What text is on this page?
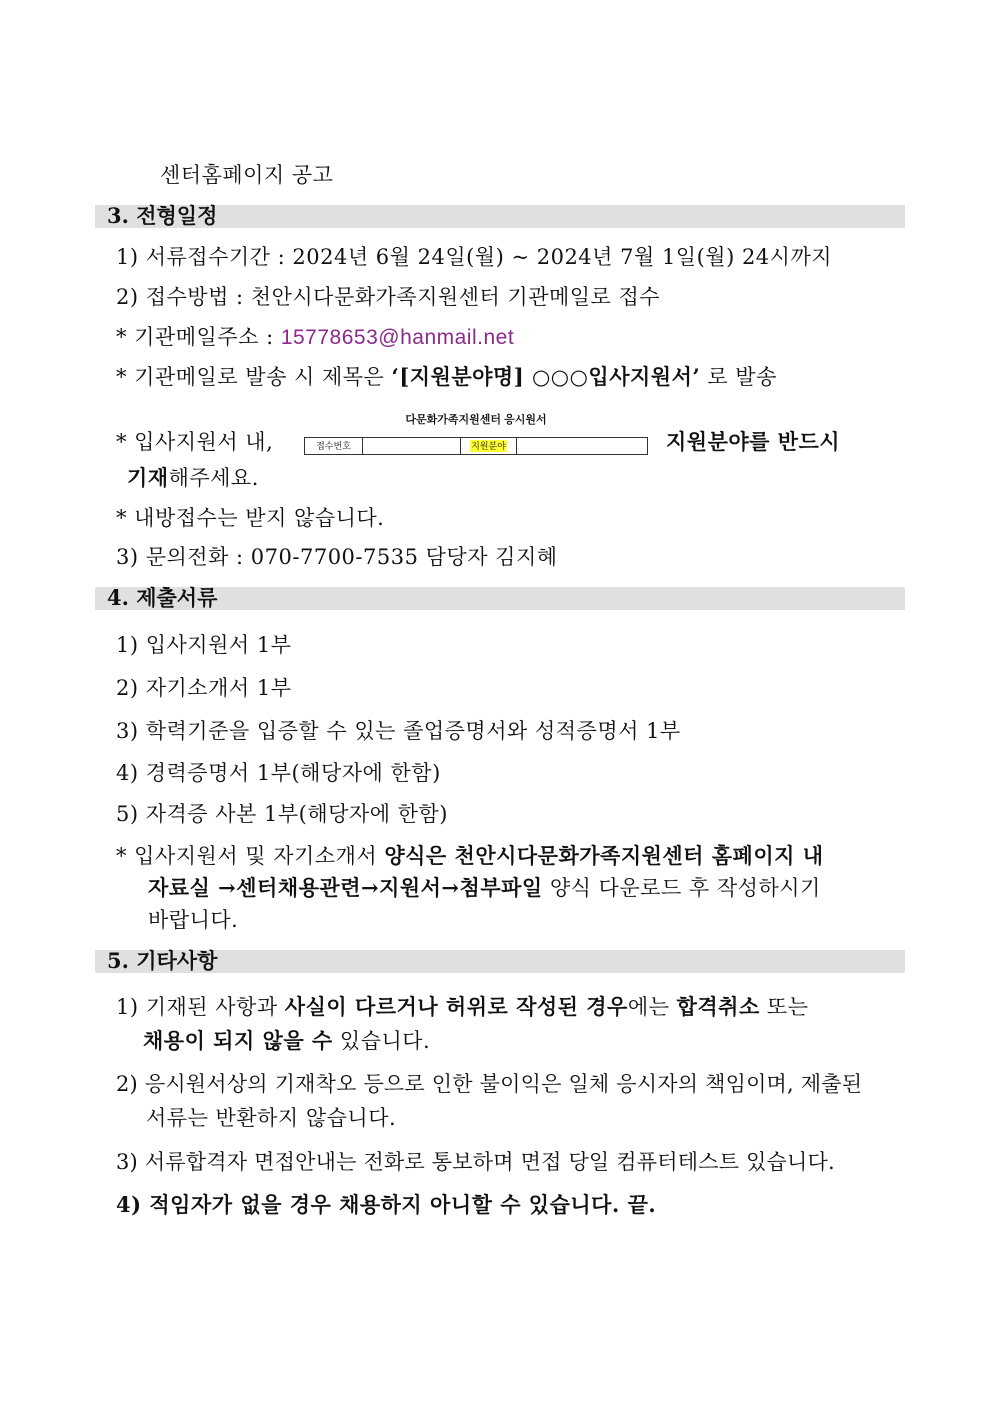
센터홈페이지 공고
3. 전형일정
1) 서류접수기간 : 2024년 6월 24일(월) ~ 2024년 7월 1일(월) 24시까지
2) 접수방법 : 천안시다문화가족지원센터 기관메일로 접수
* 기관메일주소 : 15778653@hanmail.net
* 기관메일로 발송 시 제목은 ‘[지원분야명] ○○○입사지원서’ 로 발송
* 입사지원서 내,
다문화가족지원센터 응시원서
접수번호	지원분야	지원분야를 반드시
기재해주세요.
* 내방접수는 받지 않습니다.
3) 문의전화 : 070-7700-7535 담당자 김지혜
4. 제출서류
1) 입사지원서 1부
2) 자기소개서 1부
3) 학력기준을 입증할 수 있는 졸업증명서와 성적증명서 1부
4) 경력증명서 1부(해당자에 한함)
5) 자격증 사본 1부(해당자에 한함)
* 입사지원서 및 자기소개서 양식은 천안시다문화가족지원센터 홈페이지 내
자료실 →센터채용관련→지원서→첨부파일 양식 다운로드 후 작성하시기
바랍니다.
5. 기타사항
1) 기재된 사항과 사실이 다르거나 허위로 작성된 경우에는 합격취소 또는
채용이 되지 않을 수 있습니다.
2) 응시원서상의 기재착오 등으로 인한 불이익은 일체 응시자의 책임이며, 제출된
서류는 반환하지 않습니다.
3) 서류합격자 면접안내는 전화로 통보하며 면접 당일 컴퓨터테스트 있습니다.
4) 적임자가 없을 경우 채용하지 아니할 수 있습니다. 끝.
